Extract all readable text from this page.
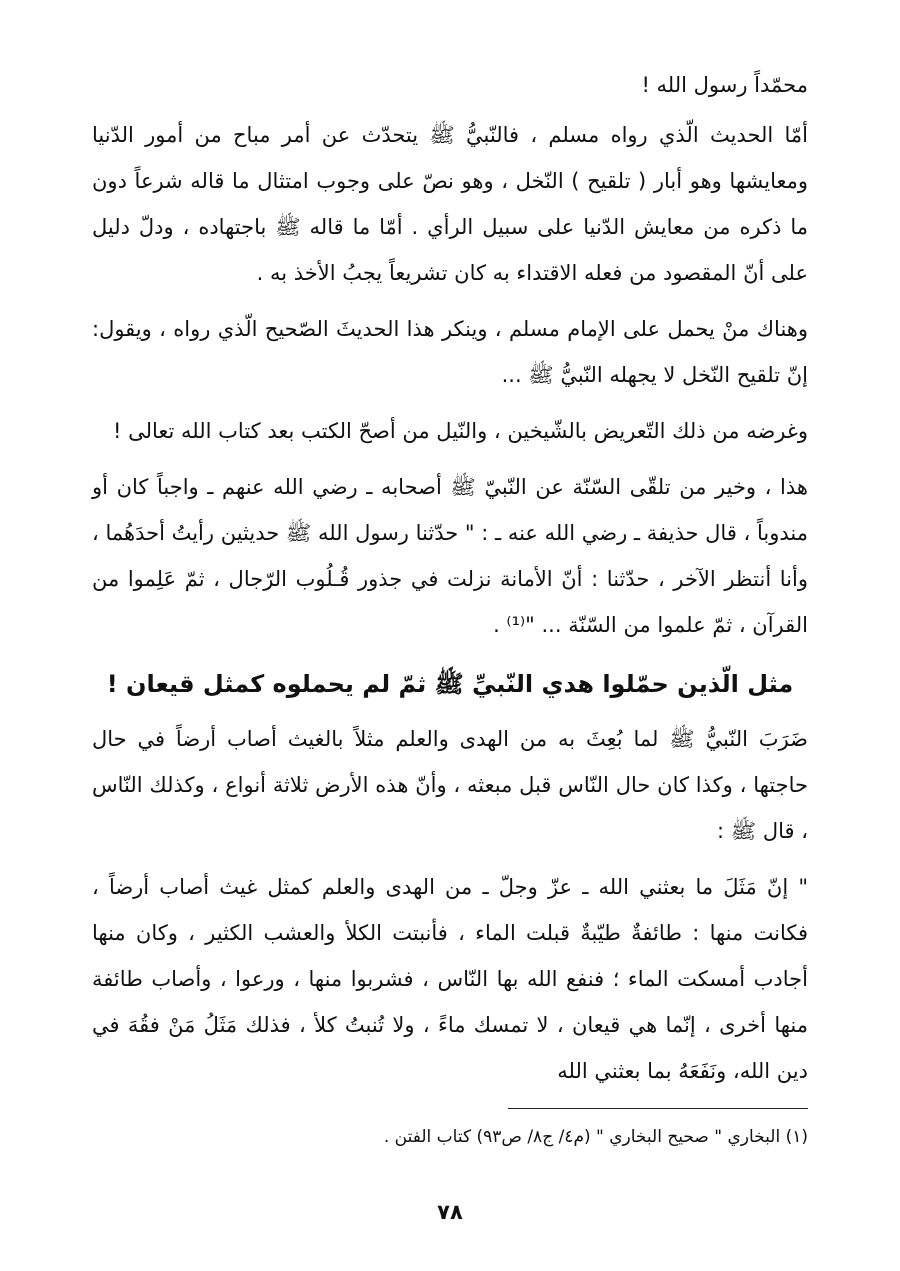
محمّداً رسول الله !

أمّا الحديث الّذي رواه مسلم ، فالنّبيُّ ﷺ يتحدّث عن أمر مباح من أمور الدّنيا ومعايشها وهو أبار ( تلقيح ) النّخل ، وهو نصّ على وجوب امتثال ما قاله شرعاً دون ما ذكره من معايش الدّنيا على سبيل الرأي . أمّا ما قاله ﷺ باجتهاده ، ودلّ دليل على أنّ المقصود من فعله الاقتداء به كان تشريعاً يجبُ الأخذ به .

وهناك منْ يحمل على الإمام مسلم ، وينكر هذا الحديثَ الصّحيح الّذي رواه ، ويقول: إنّ تلقيح النّخل لا يجهله النّبيُّ ﷺ ...

وغرضه من ذلك التّعريض بالشّيخين ، والنّيل من أصحّ الكتب بعد كتاب الله تعالى !

هذا ، وخير من تلقّى السّنّة عن النّبيّ ﷺ أصحابه ـ رضي الله عنهم ـ واجباً كان أو مندوباً ، قال حذيفة ـ رضي الله عنه ـ : " حدّثنا رسول الله ﷺ حديثين رأيتُ أحدَهُما ، وأنا أنتظر الآخر ، حدّثنا : أنّ الأمانة نزلت في جذور قُـلُوب الرّجال ، ثمّ عَلِموا من القرآن ، ثمّ علموا من السّنّة ... "⁽¹⁾ .

مثل الّذين حمّلوا هدي النّبيِّ ﷺ ثمّ لم يحملوه كمثل قيعان !

ضَرَبَ النّبيُّ ﷺ لما بُعِثَ به من الهدى والعلم مثلاً بالغيث أصاب أرضاً في حال حاجتها ، وكذا كان حال النّاس قبل مبعثه ، وأنّ هذه الأرض ثلاثة أنواع ، وكذلك النّاس ، قال ﷺ :

" إنّ مَثَلَ ما بعثني الله ـ عزّ وجلّ ـ من الهدى والعلم كمثل غيث أصاب أرضاً ، فكانت منها : طائفةٌ طيّبةٌ قبلت الماء ، فأنبتت الكلأ والعشب الكثير ، وكان منها أجادب أمسكت الماء ؛ فنفع الله بها النّاس ، فشربوا منها ، ورعوا ، وأصاب طائفة منها أخرى ، إنّما هي قيعان ، لا تمسك ماءً ، ولا تُنبتُ كلأ ، فذلك مَثَلُ مَنْ فقُهَ في دين الله، ونَفَعَهُ بما بعثني الله

(١) البخاري " صحيح البخاري " (م٤/ ج٨/ ص٩٣) كتاب الفتن .
٧٨
